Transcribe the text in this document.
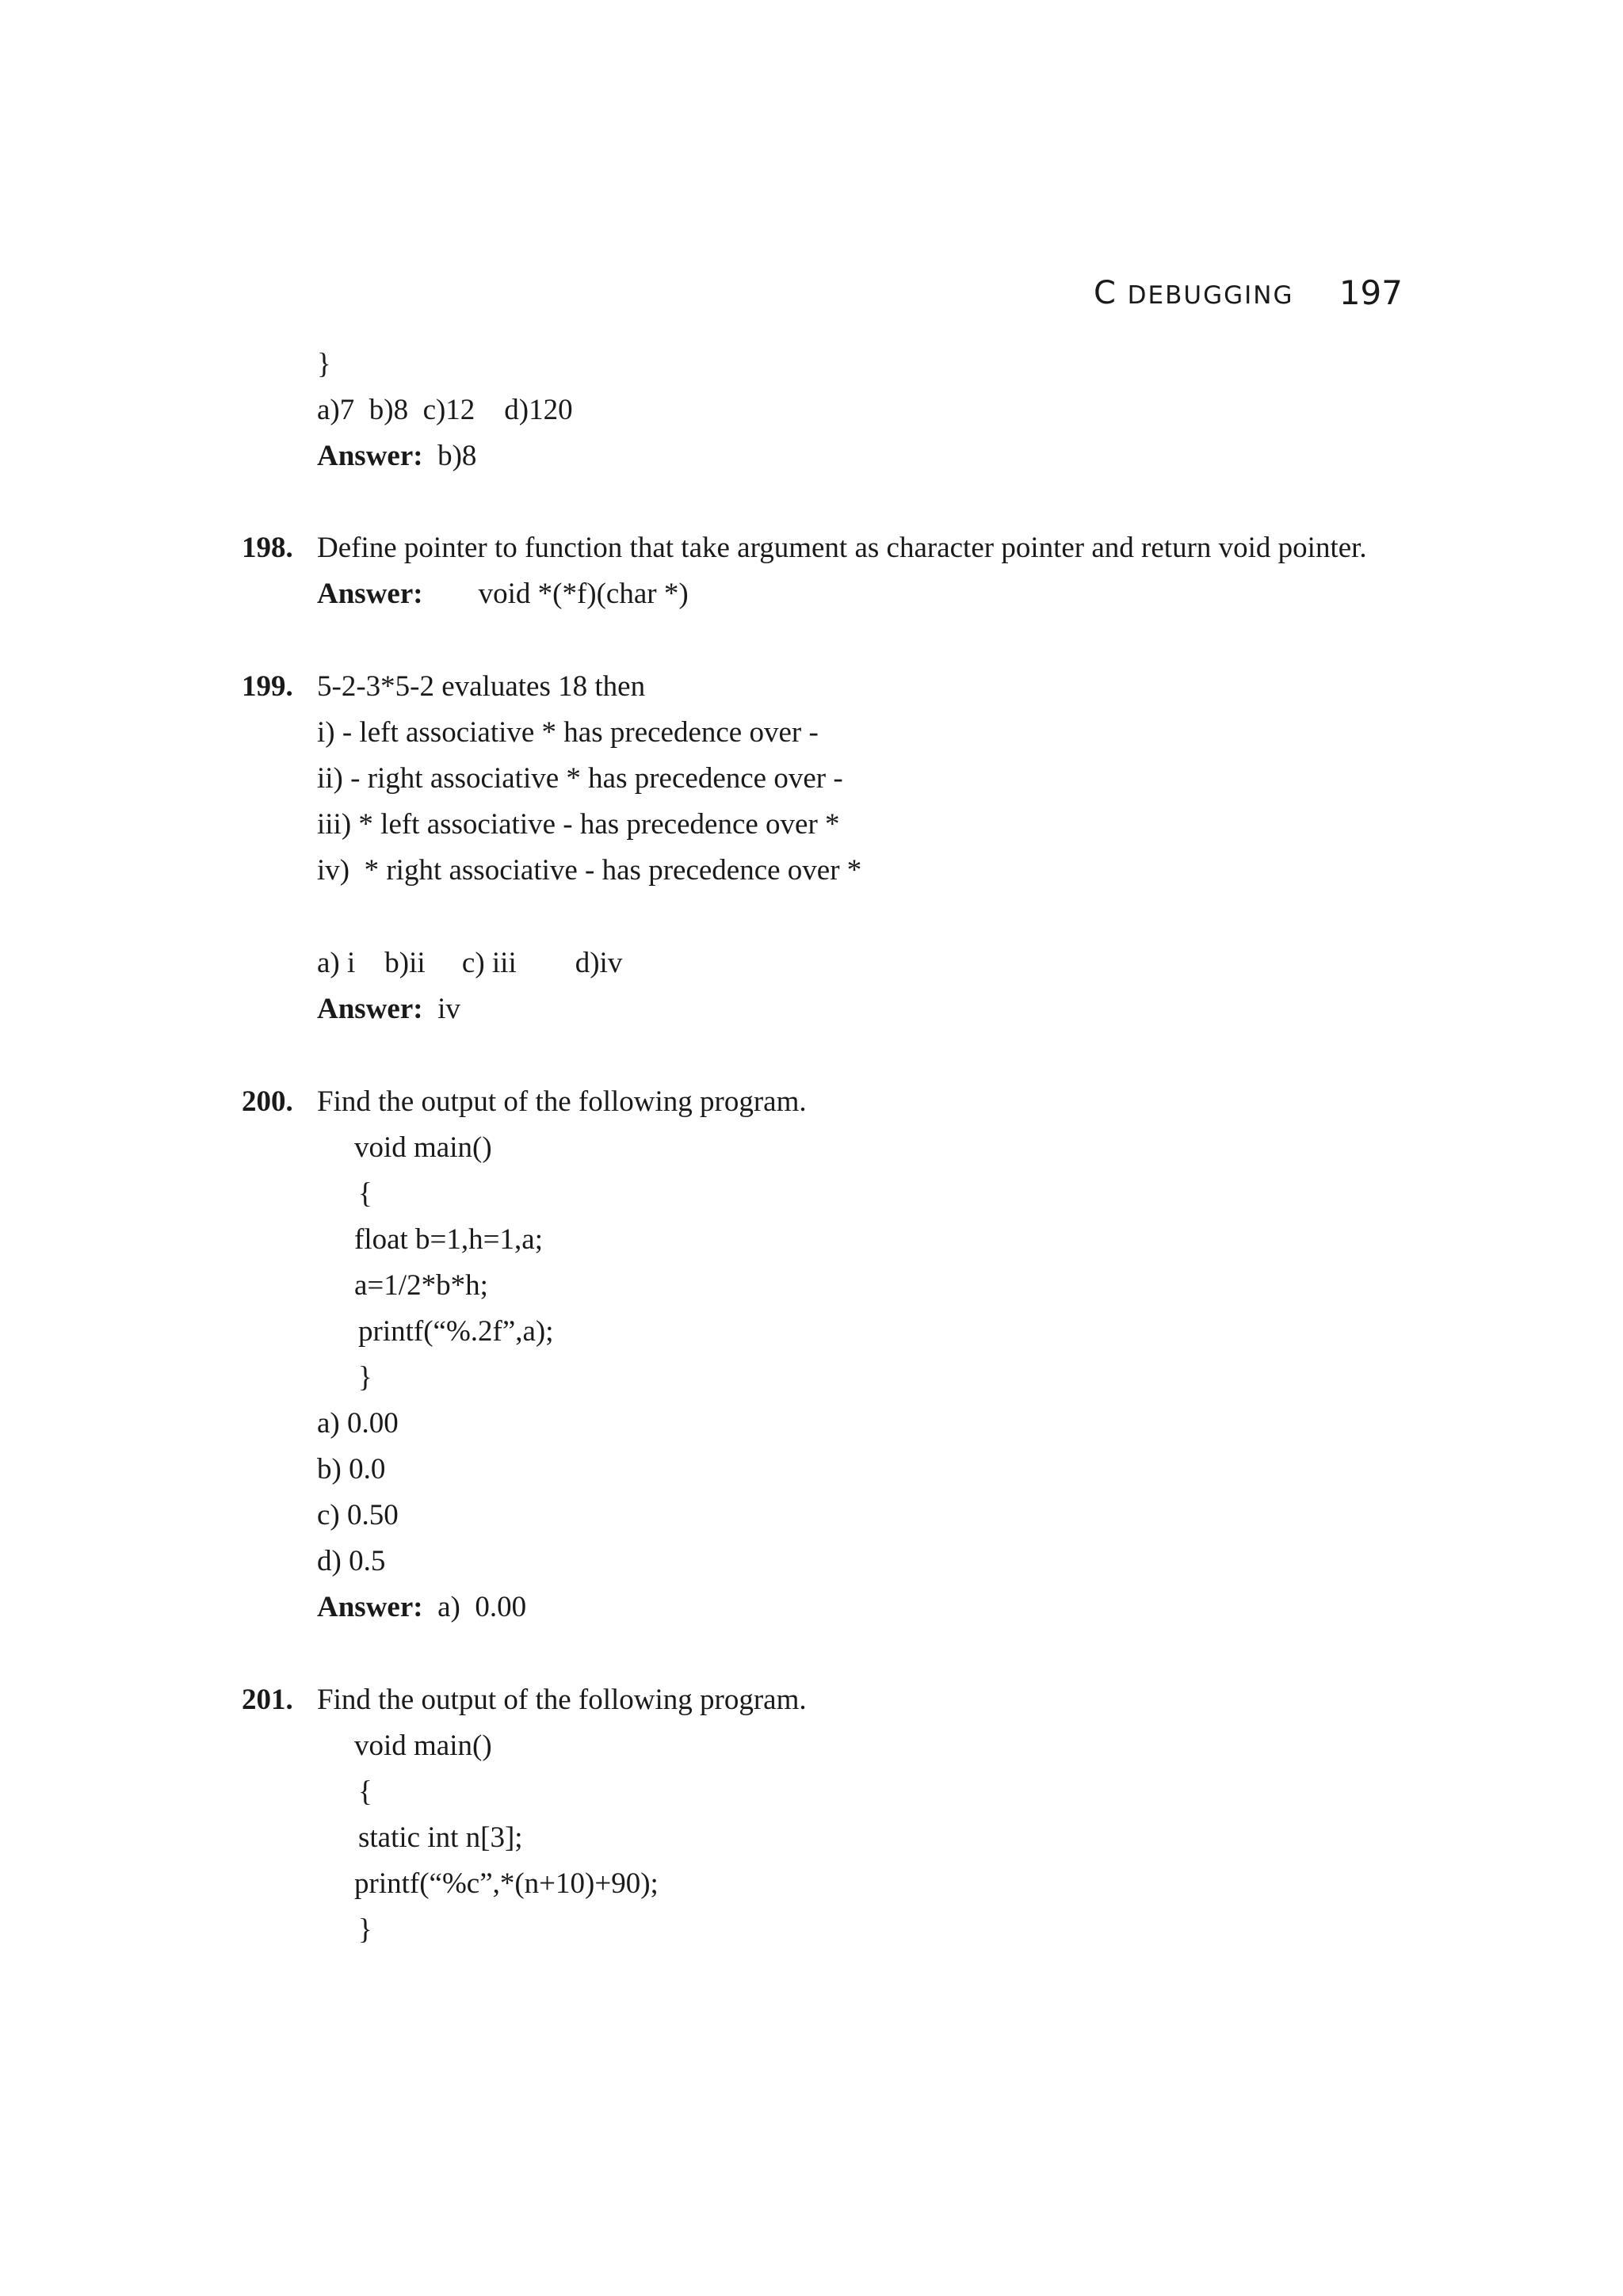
C DEBUGGING 197
}
a)7  b)8  c)12    d)120
Answer: b)8
198. Define pointer to function that take argument as character pointer and return void pointer.
Answer: void *(*f)(char *)
199. 5-2-3*5-2 evaluates 18 then
i) - left associative * has precedence over -
ii) - right associative * has precedence over -
iii) * left associative - has precedence over *
iv)  * right associative - has precedence over *
a) i    b)ii     c) iii        d)iv
Answer: iv
200. Find the output of the following program.
void main()
{
float b=1,h=1,a;
a=1/2*b*h;
printf(“%.2f”,a);
}
a) 0.00
b) 0.0
c) 0.50
d) 0.5
Answer: a)  0.00
201. Find the output of the following program.
void main()
{
static int n[3];
printf(“%c”,*(n+10)+90);
}
